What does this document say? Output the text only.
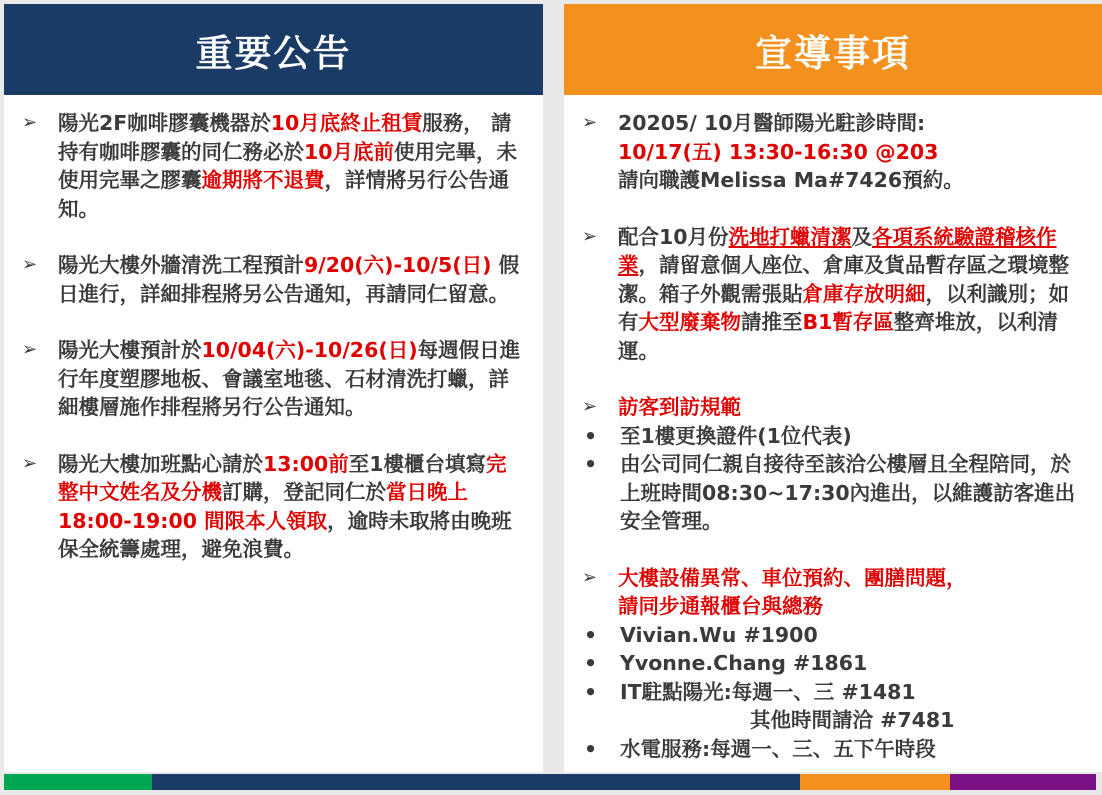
重要公告
➢	陽光2F咖啡膠囊機器於10月底終止租賃服務， 請持有咖啡膠囊的同仁務必於10月底前使用完畢，未使用完畢之膠囊逾期將不退費，詳情將另行公告通知。
➢	陽光大樓外牆清洗工程預計9/20(六)-10/5(日) 假日進行，詳細排程將另公告通知，再請同仁留意。
➢	陽光大樓預計於10/04(六)-10/26(日)每週假日進行年度塑膠地板、會議室地毯、石材清洗打蠟，詳細樓層施作排程將另行公告通知。
➢	陽光大樓加班點心請於13:00前至1樓櫃台填寫完整中文姓名及分機訂購，登記同仁於當日晚上 18:00-19:00 間限本人領取，逾時未取將由晚班保全統籌處理，避免浪費。
宣導事項
➢	20205/ 10月醫師陽光駐診時間:
10/17(五) 13:30-16:30 @203
請向職護Melissa Ma#7426預約。
➢	配合10月份洗地打蠟清潔及各項系統驗證稽核作業，請留意個人座位、倉庫及貨品暫存區之環境整潔。箱子外觀需張貼倉庫存放明細，以利識別；如有大型廢棄物請推至B1暫存區整齊堆放，以利清運。
➢	訪客到訪規範
•	至1樓更換證件(1位代表)
•	由公司同仁親自接待至該洽公樓層且全程陪同，於上班時間08:30~17:30內進出，以維護訪客進出安全管理。
➢	大樓設備異常、車位預約、團膳問題，
請同步通報櫃台與總務
•	Vivian.Wu #1900
•	Yvonne.Chang #1861
•	IT駐點陽光:每週一、三 #1481
其他時間請洽 #7481
•	水電服務:每週一、三、五下午時段
